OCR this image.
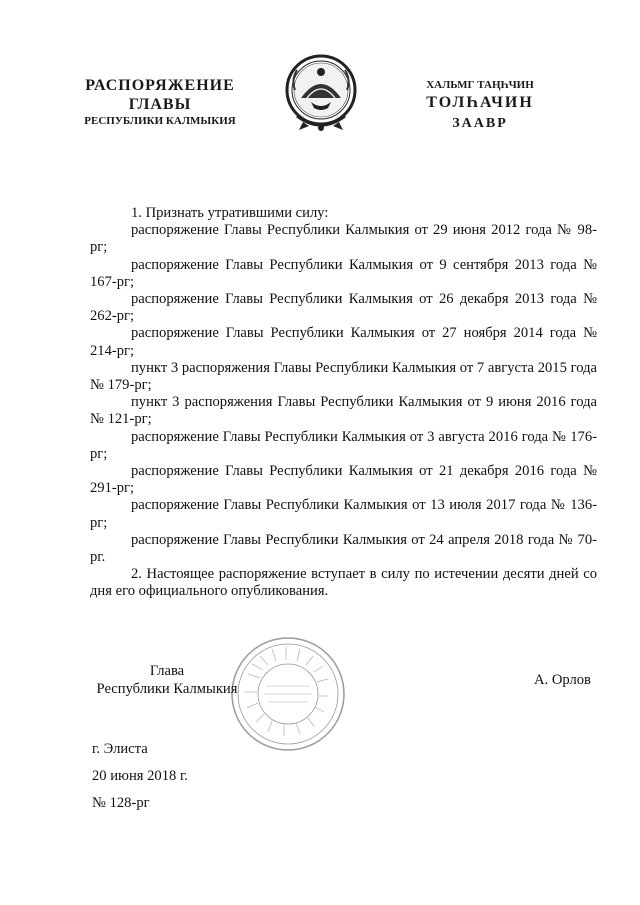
РАСПОРЯЖЕНИЕ
ГЛАВЫ
РЕСПУБЛИКИ КАЛМЫКИЯ
ХАЛЬМГ ТАҢҺЧИН
ТОЛҺАЧИН
ЗААВР

1. Признать утратившими силу:

распоряжение Главы Республики Калмыкия от 29 июня 2012 года № 98-рг;

распоряжение Главы Республики Калмыкия от 9 сентября 2013 года № 167-рг;

распоряжение Главы Республики Калмыкия от 26 декабря 2013 года № 262-рг;

распоряжение Главы Республики Калмыкия от 27 ноября 2014 года № 214-рг;

пункт 3 распоряжения Главы Республики Калмыкия от 7 августа 2015 года № 179-рг;

пункт 3 распоряжения Главы Республики Калмыкия от 9 июня 2016 года № 121-рг;

распоряжение Главы Республики Калмыкия от 3 августа 2016 года № 176-рг;

распоряжение Главы Республики Калмыкия от 21 декабря 2016 года № 291-рг;

распоряжение Главы Республики Калмыкия от 13 июля 2017 года № 136-рг;

распоряжение Главы Республики Калмыкия от 24 апреля 2018 года № 70-рг.

2. Настоящее распоряжение вступает в силу по истечении десяти дней со дня его официального опубликования.

Глава
Республики Калмыкия
А. Орлов
г. Элиста
20 июня 2018 г.
№ 128-рг
